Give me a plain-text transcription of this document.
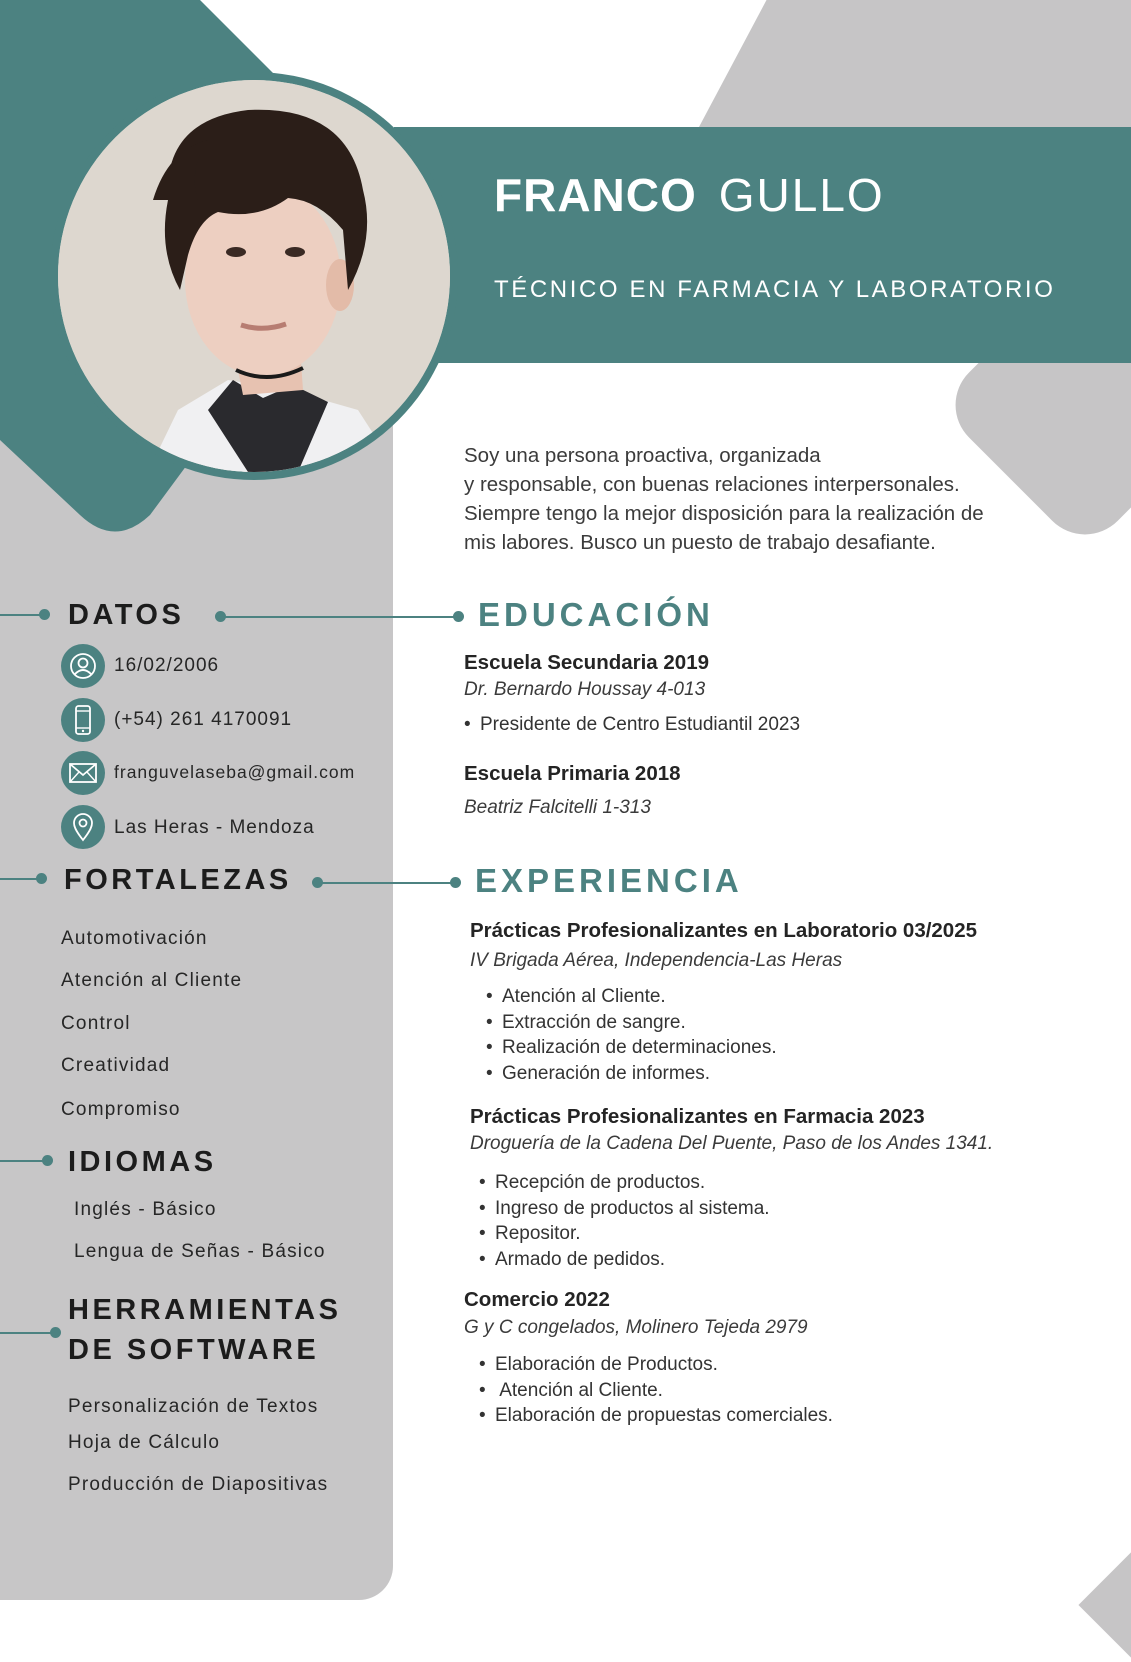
FRANCO GULLO
TÉCNICO EN FARMACIA Y LABORATORIO
Soy una persona proactiva, organizada
y responsable, con buenas relaciones interpersonales.
Siempre tengo la mejor disposición para la realización de
mis labores. Busco un puesto de trabajo desafiante.
DATOS
16/02/2006
(+54) 261 4170091
franguvelaseba@gmail.com
Las Heras - Mendoza
FORTALEZAS
Automotivación
Atención al Cliente
Control
Creatividad
Compromiso
IDIOMAS
Inglés - Básico
Lengua de Señas - Básico
HERRAMIENTAS
DE SOFTWARE
Personalización de Textos
Hoja de Cálculo
Producción de Diapositivas
EDUCACIÓN
Escuela Secundaria 2019
Dr. Bernardo Houssay 4-013
• Presidente de Centro Estudiantil 2023
Escuela Primaria 2018
Beatriz Falcitelli 1-313
EXPERIENCIA
Prácticas Profesionalizantes en Laboratorio 03/2025
IV Brigada Aérea, Independencia-Las Heras
• Atención al Cliente.
• Extracción de sangre.
• Realización de determinaciones.
• Generación de informes.
Prácticas Profesionalizantes en Farmacia 2023
Droguería de la Cadena Del Puente, Paso de los Andes 1341.
• Recepción de productos.
• Ingreso de productos al sistema.
• Repositor.
• Armado de pedidos.
Comercio 2022
G y C congelados, Molinero Tejeda 2979
• Elaboración de Productos.
• Atención al Cliente.
• Elaboración de propuestas comerciales.
